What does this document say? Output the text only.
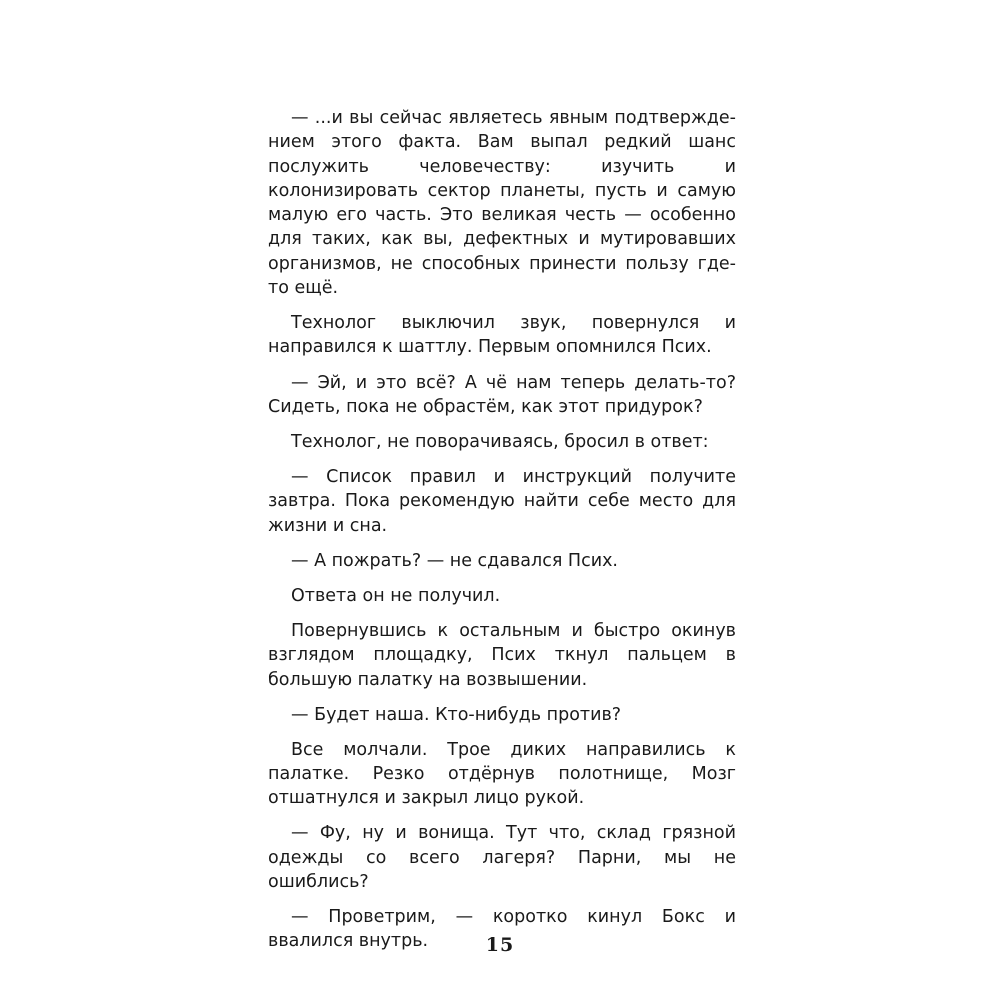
— ...и вы сейчас являетесь явным подтверждением этого факта. Вам выпал редкий шанс послужить человечеству: изучить и колонизировать сектор планеты, пусть и самую малую его часть. Это великая честь — особенно для таких, как вы, дефектных и мутировавших организмов, не способных принести пользу где-то ещё.

Технолог выключил звук, повернулся и направился к шаттлу. Первым опомнился Псих.

— Эй, и это всё? А чё нам теперь делать-то? Сидеть, пока не обрастём, как этот придурок?

Технолог, не поворачиваясь, бросил в ответ:

— Список правил и инструкций получите завтра. Пока рекомендую найти себе место для жизни и сна.

— А пожрать? — не сдавался Псих.

Ответа он не получил.

Повернувшись к остальным и быстро окинув взглядом площадку, Псих ткнул пальцем в большую палатку на возвышении.

— Будет наша. Кто-нибудь против?

Все молчали. Трое диких направились к палатке. Резко отдёрнув полотнище, Мозг отшатнулся и закрыл лицо рукой.

— Фу, ну и вонища. Тут что, склад грязной одежды со всего лагеря? Парни, мы не ошиблись?

— Проветрим, — коротко кинул Бокс и ввалился внутрь.	15
